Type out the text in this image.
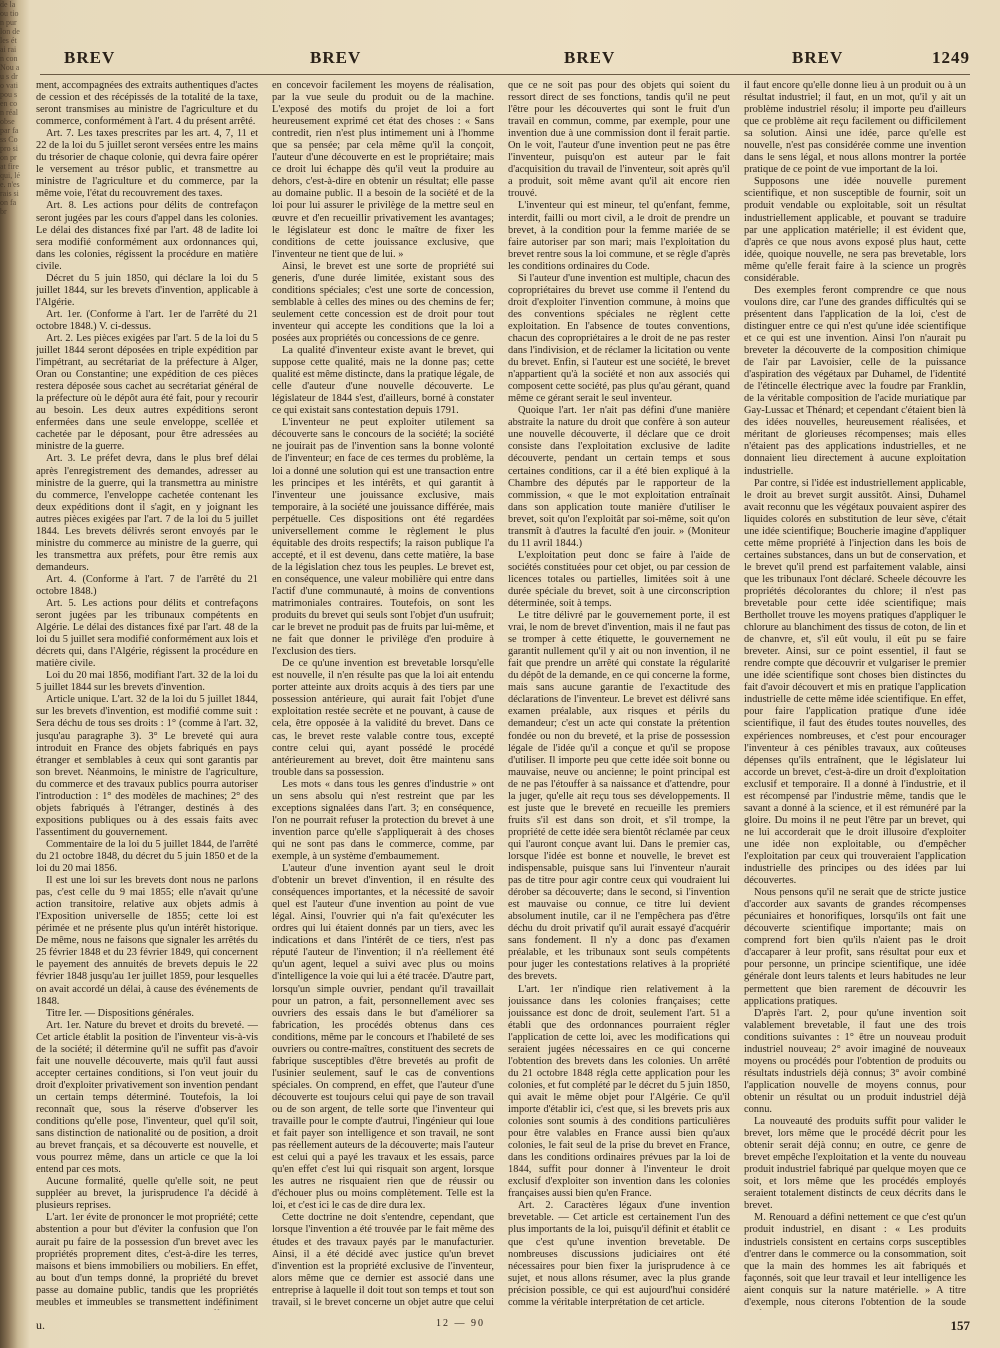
de la ou tion pur lon de les étai rain con Nou au s dro vati pou sen con réal obse par fass Co pro sion prat fire qui, lée. n'es rais sion fabr
BREV	BREV	BREV	BREV	1249

ment, accompagnées des extraits authentiques d'actes de cession et des récépissés de la totalité de la taxe, seront transmises au ministre de l'agriculture et du commerce, conformément à l'art. 4 du présent arrêté.

Art. 7. Les taxes prescrites par les art. 4, 7, 11 et 22 de la loi du 5 juillet seront versées entre les mains du trésorier de chaque colonie, qui devra faire opérer le versement au trésor public, et transmettre au ministre de l'agriculture et du commerce, par la même voie, l'état du recouvrement des taxes.

Art. 8. Les actions pour délits de contrefaçon seront jugées par les cours d'appel dans les colonies. Le délai des distances fixé par l'art. 48 de ladite loi sera modifié conformément aux ordonnances qui, dans les colonies, régissent la procédure en matière civile.

Décret du 5 juin 1850, qui déclare la loi du 5 juillet 1844, sur les brevets d'invention, applicable à l'Algérie.

Art. 1er. (Conforme à l'art. 1er de l'arrêté du 21 octobre 1848.) V. ci-dessus.

Art. 2. Les pièces exigées par l'art. 5 de la loi du 5 juillet 1844 seront déposées en triple expédition par l'impétrant, au secrétariat de la préfecture à Alger, Oran ou Constantine; une expédition de ces pièces restera déposée sous cachet au secrétariat général de la préfecture où le dépôt aura été fait, pour y recourir au besoin. Les deux autres expéditions seront enfermées dans une seule enveloppe, scellée et cachetée par le déposant, pour être adressées au ministre de la guerre.

Art. 3. Le préfet devra, dans le plus bref délai après l'enregistrement des demandes, adresser au ministre de la guerre, qui la transmettra au ministre du commerce, l'enveloppe cachetée contenant les deux expéditions dont il s'agit, en y joignant les autres pièces exigées par l'art. 7 de la loi du 5 juillet 1844. Les brevets délivrés seront envoyés par le ministre du commerce au ministre de la guerre, qui les transmettra aux préfets, pour être remis aux demandeurs.

Art. 4. (Conforme à l'art. 7 de l'arrêté du 21 octobre 1848.)

Art. 5. Les actions pour délits et contrefaçons seront jugées par les tribunaux compétents en Algérie. Le délai des distances fixé par l'art. 48 de la loi du 5 juillet sera modifié conformément aux lois et décrets qui, dans l'Algérie, régissent la procédure en matière civile.

Loi du 20 mai 1856, modifiant l'art. 32 de la loi du 5 juillet 1844 sur les brevets d'invention.

Article unique. L'art. 32 de la loi du 5 juillet 1844, sur les brevets d'invention, est modifié comme suit : Sera déchu de tous ses droits : 1° (comme à l'art. 32, jusqu'au paragraphe 3). 3° Le breveté qui aura introduit en France des objets fabriqués en pays étranger et semblables à ceux qui sont garantis par son brevet. Néanmoins, le ministre de l'agriculture, du commerce et des travaux publics pourra autoriser l'introduction : 1° des modèles de machines; 2° des objets fabriqués à l'étranger, destinés à des expositions publiques ou à des essais faits avec l'assentiment du gouvernement.

Commentaire de la loi du 5 juillet 1844, de l'arrêté du 21 octobre 1848, du décret du 5 juin 1850 et de la loi du 20 mai 1856.

Il est une loi sur les brevets dont nous ne parlons pas, c'est celle du 9 mai 1855; elle n'avait qu'une action transitoire, relative aux objets admis à l'Exposition universelle de 1855; cette loi est périmée et ne présente plus qu'un intérêt historique. De même, nous ne faisons que signaler les arrêtés du 25 février 1848 et du 23 février 1849, qui concernent le payement des annuités de brevets depuis le 22 février 1848 jusqu'au 1er juillet 1859, pour lesquelles on avait accordé un délai, à cause des événements de 1848.

Titre Ier. — Dispositions générales.

Art. 1er. Nature du brevet et droits du breveté. — Cet article établit la position de l'inventeur vis-à-vis de la société; il détermine qu'il ne suffit pas d'avoir fait une nouvelle découverte, mais qu'il faut aussi accepter certaines conditions, si l'on veut jouir du droit d'exploiter privativement son invention pendant un certain temps déterminé. Toutefois, la loi reconnaît que, sous la réserve d'observer les conditions qu'elle pose, l'inventeur, quel qu'il soit, sans distinction de nationalité ou de position, a droit au brevet français, et sa découverte est nouvelle, et vous pourrez même, dans un article ce que la loi entend par ces mots.

Aucune formalité, quelle qu'elle soit, ne peut suppléer au brevet, la jurisprudence l'a décidé à plusieurs reprises.

L'art. 1er évite de prononcer le mot propriété; cette abstention a pour but d'éviter la confusion que l'on aurait pu faire de la possession d'un brevet avec les propriétés proprement dites, c'est-à-dire les terres, maisons et biens immobiliers ou mobiliers. En effet, au bout d'un temps donné, la propriété du brevet passe au domaine public, tandis que les propriétés meubles et immeubles se transmettent indéfiniment

en concevoir facilement les moyens de réalisation, par la vue seule du produit ou de la machine. L'exposé des motifs du projet de loi a fort heureusement exprimé cet état des choses : « Sans contredit, rien n'est plus intimement uni à l'homme que sa pensée; par cela même qu'il la conçoit, l'auteur d'une découverte en est le propriétaire; mais ce droit lui échappe dès qu'il veut la produire au dehors, c'est-à-dire en obtenir un résultat; elle passe au domaine public. Il a besoin de la société et de la loi pour lui assurer le privilège de la mettre seul en œuvre et d'en recueillir privativement les avantages; le législateur est donc le maître de fixer les conditions de cette jouissance exclusive, que l'inventeur ne tient que de lui. »

Ainsi, le brevet est une sorte de propriété sui generis, d'une durée limitée, existant sous des conditions spéciales; c'est une sorte de concession, semblable à celles des mines ou des chemins de fer; seulement cette concession est de droit pour tout inventeur qui accepte les conditions que la loi a posées aux propriétés ou concessions de ce genre.

La qualité d'inventeur existe avant le brevet, qui suppose cette qualité, mais ne la donne pas; cette qualité est même distincte, dans la pratique légale, de celle d'auteur d'une nouvelle découverte. Le législateur de 1844 s'est, d'ailleurs, borné à constater ce qui existait sans contestation depuis 1791.

L'inventeur ne peut exploiter utilement sa découverte sans le concours de la société; la société ne jouirait pas de l'invention sans la bonne volonté de l'inventeur; en face de ces termes du problème, la loi a donné une solution qui est une transaction entre les principes et les intérêts, et qui garantit à l'inventeur une jouissance exclusive, mais temporaire, à la société une jouissance différée, mais perpétuelle. Ces dispositions ont été regardées universellement comme le règlement le plus équitable des droits respectifs; la raison publique l'a accepté, et il est devenu, dans cette matière, la base de la législation chez tous les peuples. Le brevet est, en conséquence, une valeur mobilière qui entre dans l'actif d'une communauté, à moins de conventions matrimoniales contraires. Toutefois, on sont les produits du brevet qui seuls sont l'objet d'un usufruit; car le brevet ne produit pas de fruits par lui-même, et ne fait que donner le privilège d'en produire à l'exclusion des tiers.

De ce qu'une invention est brevetable lorsqu'elle est nouvelle, il n'en résulte pas que la loi ait entendu porter atteinte aux droits acquis à des tiers par une possession antérieure, qui aurait fait l'objet d'une exploitation restée secrète et ne pouvant, à cause de cela, être opposée à la validité du brevet. Dans ce cas, le brevet reste valable contre tous, excepté contre celui qui, ayant possédé le procédé antérieurement au brevet, doit être maintenu sans trouble dans sa possession.

Les mots « dans tous les genres d'industrie » ont un sens absolu qui n'est restreint que par les exceptions signalées dans l'art. 3; en conséquence, l'on ne pourrait refuser la protection du brevet à une invention parce qu'elle s'appliquerait à des choses qui ne sont pas dans le commerce, comme, par exemple, à un système d'embaumement.

L'auteur d'une invention ayant seul le droit d'obtenir un brevet d'invention, il en résulte des conséquences importantes, et la nécessité de savoir quel est l'auteur d'une invention au point de vue légal. Ainsi, l'ouvrier qui n'a fait qu'exécuter les ordres qui lui étaient donnés par un tiers, avec les indications et dans l'intérêt de ce tiers, n'est pas réputé l'auteur de l'invention; il n'a réellement été qu'un agent, lequel a suivi avec plus ou moins d'intelligence la voie qui lui a été tracée. D'autre part, lorsqu'un simple ouvrier, pendant qu'il travaillait pour un patron, a fait, personnellement avec ses ouvriers des essais dans le but d'améliorer sa fabrication, les procédés obtenus dans ces conditions, même par le concours et l'habileté de ses ouvriers ou contre-maîtres, constituent des secrets de fabrique susceptibles d'être brevetés au profit de l'usinier seulement, sauf le cas de conventions spéciales. On comprend, en effet, que l'auteur d'une découverte est toujours celui qui paye de son travail ou de son argent, de telle sorte que l'inventeur qui travaille pour le compte d'autrui, l'ingénieur qui loue et fait payer son intelligence et son travail, ne sont pas réellement auteurs de la découverte; mais l'auteur est celui qui a payé les travaux et les essais, parce qu'en effet c'est lui qui risquait son argent, lorsque les autres ne risquaient rien que de réussir ou d'échouer plus ou moins complètement. Telle est la loi, et c'est ici le cas de dire dura lex.

Cette doctrine ne doit s'entendre, cependant, que lorsque l'invention a été trouvée par le fait même des études et des travaux payés par le manufacturier. Ainsi, il a été décidé avec justice qu'un brevet d'invention est la propriété exclusive de l'inventeur, alors même que ce dernier est associé dans une entreprise à laquelle il doit tout son temps et tout son travail, si le brevet concerne un objet autre que celui

que ce ne soit pas pour des objets qui soient du ressort direct de ses fonctions, tandis qu'il ne peut l'être pour les découvertes qui sont le fruit d'un travail en commun, comme, par exemple, pour une invention due à une commission dont il ferait partie. On le voit, l'auteur d'une invention peut ne pas être l'inventeur, puisqu'on est auteur par le fait d'acquisition du travail de l'inventeur, soit après qu'il a produit, soit même avant qu'il ait encore rien trouvé.

L'inventeur qui est mineur, tel qu'enfant, femme, interdit, failli ou mort civil, a le droit de prendre un brevet, à la condition pour la femme mariée de se faire autoriser par son mari; mais l'exploitation du brevet rentre sous la loi commune, et se règle d'après les conditions ordinaires du Code.

Si l'auteur d'une invention est multiple, chacun des copropriétaires du brevet use comme il l'entend du droit d'exploiter l'invention commune, à moins que des conventions spéciales ne règlent cette exploitation. En l'absence de toutes conventions, chacun des copropriétaires a le droit de ne pas rester dans l'indivision, et de réclamer la licitation ou vente du brevet. Enfin, si l'auteur est une société, le brevet n'appartient qu'à la société et non aux associés qui composent cette société, pas plus qu'au gérant, quand même ce gérant serait le seul inventeur.

Quoique l'art. 1er n'ait pas défini d'une manière abstraite la nature du droit que confère à son auteur une nouvelle découverte, il déclare que ce droit consiste dans l'exploitation exclusive de ladite découverte, pendant un certain temps et sous certaines conditions, car il a été bien expliqué à la Chambre des députés par le rapporteur de la commission, « que le mot exploitation entraînait dans son application toute manière d'utiliser le brevet, soit qu'on l'exploitât par soi-même, soit qu'on transmît à d'autres la faculté d'en jouir. » (Moniteur du 11 avril 1844.)

L'exploitation peut donc se faire à l'aide de sociétés constituées pour cet objet, ou par cession de licences totales ou partielles, limitées soit à une durée spéciale du brevet, soit à une circonscription déterminée, soit à temps.

Le titre délivré par le gouvernement porte, il est vrai, le nom de brevet d'invention, mais il ne faut pas se tromper à cette étiquette, le gouvernement ne garantit nullement qu'il y ait ou non invention, il ne fait que prendre un arrêté qui constate la régularité du dépôt de la demande, en ce qui concerne la forme, mais sans aucune garantie de l'exactitude des déclarations de l'inventeur. Le brevet est délivré sans examen préalable, aux risques et périls du demandeur; c'est un acte qui constate la prétention fondée ou non du breveté, et la prise de possession légale de l'idée qu'il a conçue et qu'il se propose d'utiliser. Il importe peu que cette idée soit bonne ou mauvaise, neuve ou ancienne; le point principal est de ne pas l'étouffer à sa naissance et d'attendre, pour la juger, qu'elle ait reçu tous ses développements. Il est juste que le breveté en recueille les premiers fruits s'il est dans son droit, et s'il trompe, la propriété de cette idée sera bientôt réclamée par ceux qui l'auront conçue avant lui. Dans le premier cas, lorsque l'idée est bonne et nouvelle, le brevet est indispensable, puisque sans lui l'inventeur n'aurait pas de titre pour agir contre ceux qui voudraient lui dérober sa découverte; dans le second, si l'invention est mauvaise ou connue, ce titre lui devient absolument inutile, car il ne l'empêchera pas d'être déchu du droit privatif qu'il aurait essayé d'acquérir sans fondement. Il n'y a donc pas d'examen préalable, et les tribunaux sont seuls compétents pour juger les contestations relatives à la propriété des brevets.

L'art. 1er n'indique rien relativement à la jouissance dans les colonies françaises; cette jouissance est donc de droit, seulement l'art. 51 a établi que des ordonnances pourraient régler l'application de cette loi, avec les modifications qui seraient jugées nécessaires en ce qui concerne l'obtention des brevets dans les colonies. Un arrêté du 21 octobre 1848 régla cette application pour les colonies, et fut complété par le décret du 5 juin 1850, qui avait le même objet pour l'Algérie. Ce qu'il importe d'établir ici, c'est que, si les brevets pris aux colonies sont soumis à des conditions particulières pour être valables en France aussi bien qu'aux colonies, le fait seul de la prise du brevet en France, dans les conditions ordinaires prévues par la loi de 1844, suffit pour donner à l'inventeur le droit exclusif d'exploiter son invention dans les colonies françaises aussi bien qu'en France.

Art. 2. Caractères légaux d'une invention brevetable. — Cet article est certainement l'un des plus importants de la loi, puisqu'il définit et établit ce que c'est qu'une invention brevetable. De nombreuses discussions judiciaires ont été nécessaires pour bien fixer la jurisprudence à ce sujet, et nous allons résumer, avec la plus grande précision possible, ce qui est aujourd'hui considéré comme la véritable interprétation de cet article.

il faut encore qu'elle donne lieu à un produit ou à un résultat industriel; il faut, en un mot, qu'il y ait un problème industriel résolu; il importe peu d'ailleurs que ce problème ait reçu facilement ou difficilement sa solution. Ainsi une idée, parce qu'elle est nouvelle, n'est pas considérée comme une invention dans le sens légal, et nous allons montrer la portée pratique de ce point de vue important de la loi.

Supposons une idée nouvelle purement scientifique, et non susceptible de fournir, soit un produit vendable ou exploitable, soit un résultat industriellement applicable, et pouvant se traduire par une application matérielle; il est évident que, d'après ce que nous avons exposé plus haut, cette idée, quoique nouvelle, ne sera pas brevetable, lors même qu'elle ferait faire à la science un progrès considérable.

Des exemples feront comprendre ce que nous voulons dire, car l'une des grandes difficultés qui se présentent dans l'application de la loi, c'est de distinguer entre ce qui n'est qu'une idée scientifique et ce qui est une invention. Ainsi l'on n'aurait pu breveter la découverte de la composition chimique de l'air par Lavoisier, celle de la puissance d'aspiration des végétaux par Duhamel, de l'identité de l'étincelle électrique avec la foudre par Franklin, de la véritable composition de l'acide muriatique par Gay-Lussac et Thénard; et cependant c'étaient bien là des idées nouvelles, heureusement réalisées, et méritant de glorieuses récompenses; mais elles n'étaient pas des applications industrielles, et ne donnaient lieu directement à aucune exploitation industrielle.

Par contre, si l'idée est industriellement applicable, le droit au brevet surgit aussitôt. Ainsi, Duhamel avait reconnu que les végétaux pouvaient aspirer des liquides colorés en substitution de leur sève, c'était une idée scientifique; Boucherie imagine d'appliquer cette même propriété à l'injection dans les bois de certaines substances, dans un but de conservation, et le brevet qu'il prend est parfaitement valable, ainsi que les tribunaux l'ont déclaré. Scheele découvre les propriétés décolorantes du chlore; il n'est pas brevetable pour cette idée scientifique; mais Berthollet trouve les moyens pratiques d'appliquer le chlorure au blanchiment des tissus de coton, de lin et de chanvre, et, s'il eût voulu, il eût pu se faire breveter. Ainsi, sur ce point essentiel, il faut se rendre compte que découvrir et vulgariser le premier une idée scientifique sont choses bien distinctes du fait d'avoir découvert et mis en pratique l'application industrielle de cette même idée scientifique. En effet, pour faire l'application pratique d'une idée scientifique, il faut des études toutes nouvelles, des expériences nombreuses, et c'est pour encourager l'inventeur à ces pénibles travaux, aux coûteuses dépenses qu'ils entraînent, que le législateur lui accorde un brevet, c'est-à-dire un droit d'exploitation exclusif et temporaire. Il a donné à l'industrie, et il est récompensé par l'industrie même, tandis que le savant a donné à la science, et il est rémunéré par la gloire. Du moins il ne peut l'être par un brevet, qui ne lui accorderait que le droit illusoire d'exploiter une idée non exploitable, ou d'empêcher l'exploitation par ceux qui trouveraient l'application industrielle des principes ou des idées par lui découvertes.

Nous pensons qu'il ne serait que de stricte justice d'accorder aux savants de grandes récompenses pécuniaires et honorifiques, lorsqu'ils ont fait une découverte scientifique importante; mais on comprend fort bien qu'ils n'aient pas le droit d'accaparer à leur profit, sans résultat pour eux et pour personne, un principe scientifique, une idée générale dont leurs talents et leurs habitudes ne leur permettent que bien rarement de découvrir les applications pratiques.

D'après l'art. 2, pour qu'une invention soit valablement brevetable, il faut une des trois conditions suivantes : 1° être un nouveau produit industriel nouveau; 2° avoir imaginé de nouveaux moyens ou procédés pour l'obtention de produits ou résultats industriels déjà connus; 3° avoir combiné l'application nouvelle de moyens connus, pour obtenir un résultat ou un produit industriel déjà connu.

La nouveauté des produits suffit pour valider le brevet, lors même que le procédé décrit pour les obtenir serait déjà connu; en outre, ce genre de brevet empêche l'exploitation et la vente du nouveau produit industriel fabriqué par quelque moyen que ce soit, et lors même que les procédés employés seraient totalement distincts de ceux décrits dans le brevet.

M. Renouard a défini nettement ce que c'est qu'un produit industriel, en disant : « Les produits industriels consistent en certains corps susceptibles d'entrer dans le commerce ou la consommation, soit que la main des hommes les ait fabriqués et façonnés, soit que leur travail et leur intelligence les aient conquis sur la nature matérielle. » A titre d'exemple, nous citerons l'obtention de la soude

u.	12 — 90	157
